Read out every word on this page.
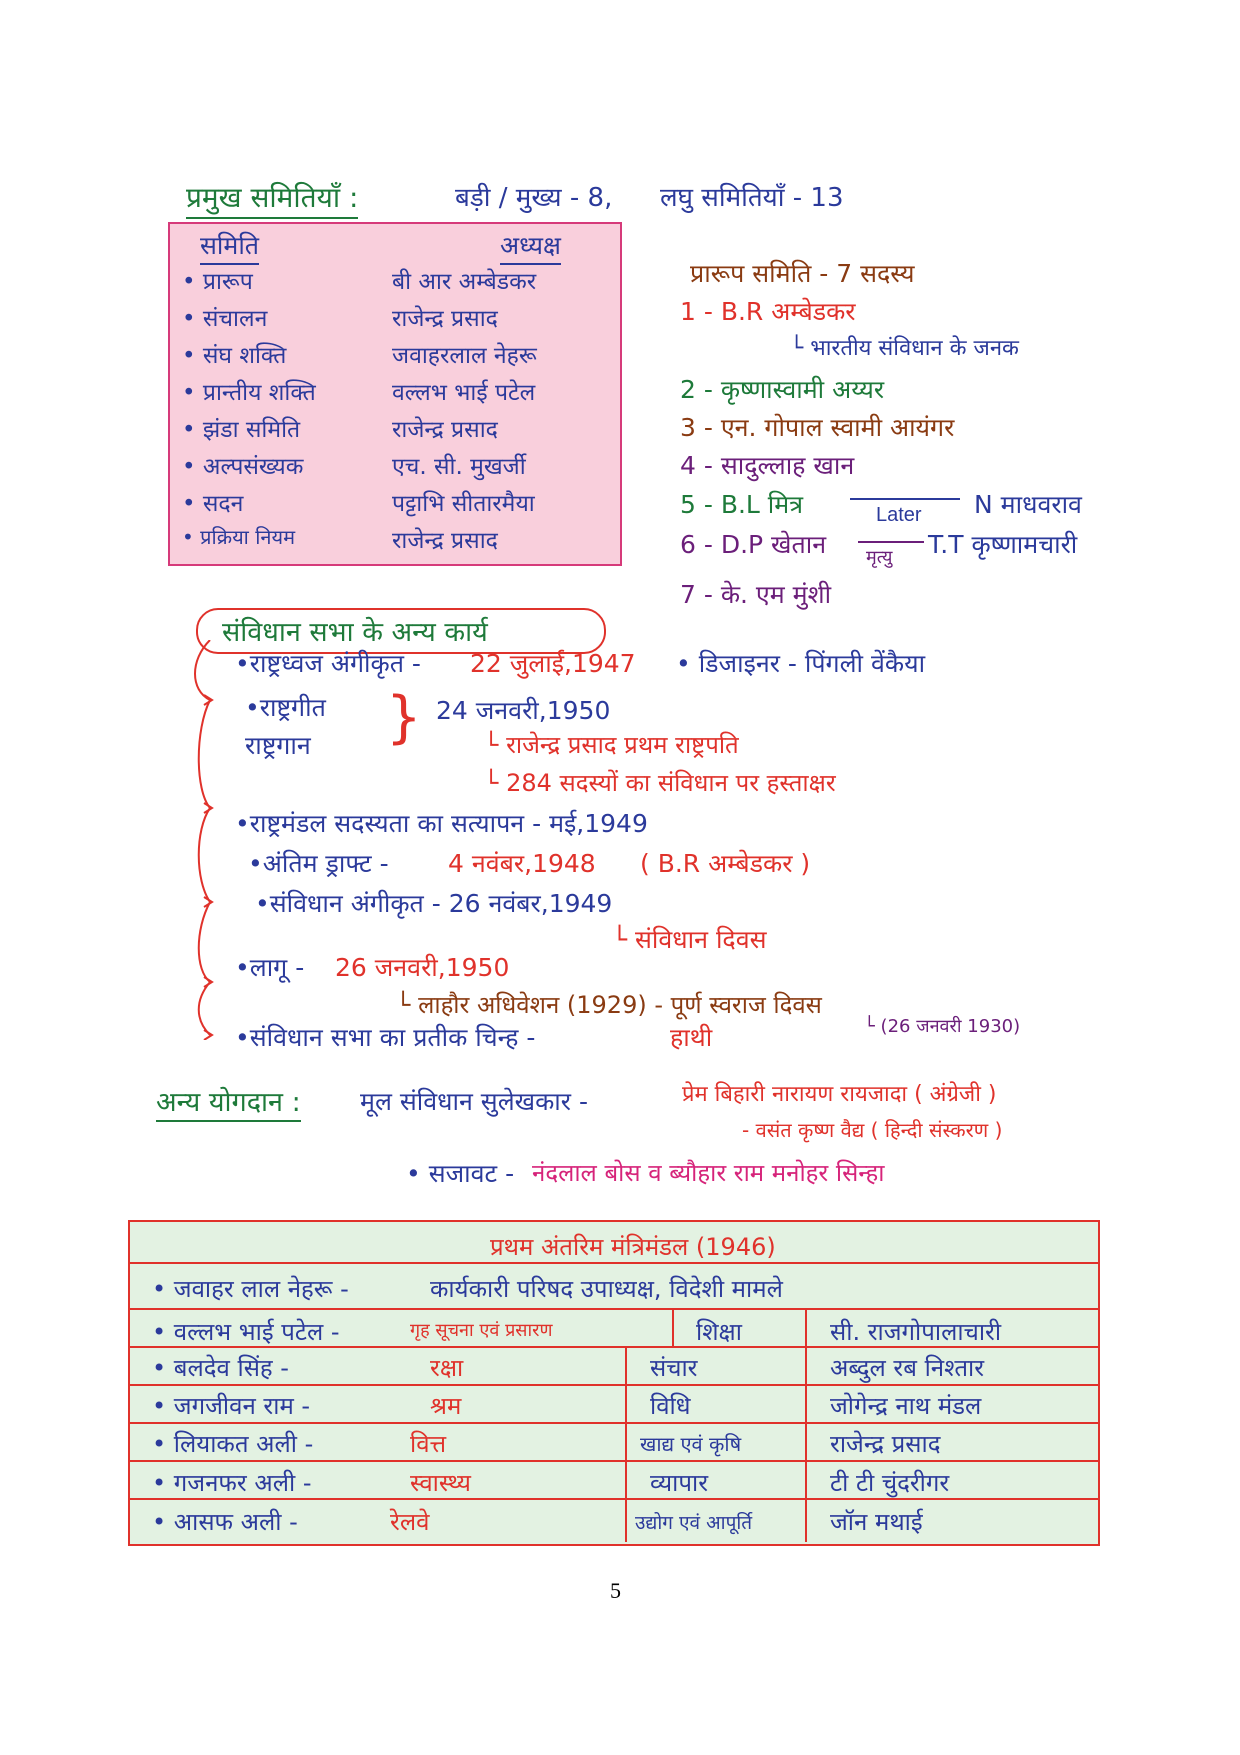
प्रमुख समितियाँ :	बड़ी / मुख्य - 8, लघु समितियाँ - 13
समिति	अध्यक्ष
• प्रारूप	बी आर अम्बेडकर
• संचालन	राजेन्द्र प्रसाद
• संघ शक्ति	जवाहरलाल नेहरू
• प्रान्तीय शक्ति	वल्लभ भाई पटेल
• झंडा समिति	राजेन्द्र प्रसाद
• अल्पसंख्यक	एच. सी. मुखर्जी
• सदन	पट्टाभि सीतारमैया
• प्रक्रिया नियम	राजेन्द्र प्रसाद
प्रारूप समिति - 7 सदस्य
1 - B.R अम्बेडकर
└ भारतीय संविधान के जनक
2 - कृष्णास्वामी अय्यर
3 - एन. गोपाल स्वामी आयंगर
4 - सादुल्लाह खान
5 - B.L मित्र	Later N माधवराव
6 - D.P खेतान मृत्यु T.T कृष्णामचारी
7 - के. एम मुंशी
संविधान सभा के अन्य कार्य
•राष्ट्रध्वज अंगीकृत - 22 जुलाई,1947 • डिजाइनर - पिंगली वेंकैया
•राष्ट्रगीत
राष्ट्रगान } 24 जनवरी,1950
└ राजेन्द्र प्रसाद प्रथम राष्ट्रपति
└ 284 सदस्यों का संविधान पर हस्ताक्षर
•राष्ट्रमंडल सदस्यता का सत्यापन - मई,1949
•अंतिम ड्राफ्ट - 4 नवंबर,1948 ( B.R अम्बेडकर )
•संविधान अंगीकृत - 26 नवंबर,1949
└ संविधान दिवस
•लागू - 26 जनवरी,1950
└ लाहौर अधिवेशन (1929) - पूर्ण स्वराज दिवस
└ (26 जनवरी 1930)
•संविधान सभा का प्रतीक चिन्ह -	हाथी
अन्य योगदान : मूल संविधान सुलेखकार -	प्रेम बिहारी नारायण रायजादा ( अंग्रेजी )
- वसंत कृष्ण वैद्य ( हिन्दी संस्करण )
• सजावट - नंदलाल बोस व ब्यौहार राम मनोहर सिन्हा
प्रथम अंतरिम मंत्रिमंडल (1946)
• जवाहर लाल नेहरू -	कार्यकारी परिषद उपाध्यक्ष, विदेशी मामले
• वल्लभ भाई पटेल -	गृह सूचना एवं प्रसारण	शिक्षा	सी. राजगोपालाचारी
• बलदेव सिंह -	रक्षा	संचार	अब्दुल रब निश्तार
• जगजीवन राम -	श्रम	विधि	जोगेन्द्र नाथ मंडल
• लियाकत अली -	वित्त	खाद्य एवं कृषि	राजेन्द्र प्रसाद
• गजनफर अली -	स्वास्थ्य	व्यापार	टी टी चुंदरीगर
• आसफ अली -	रेलवे	उद्योग एवं आपूर्ति	जॉन मथाई
5
